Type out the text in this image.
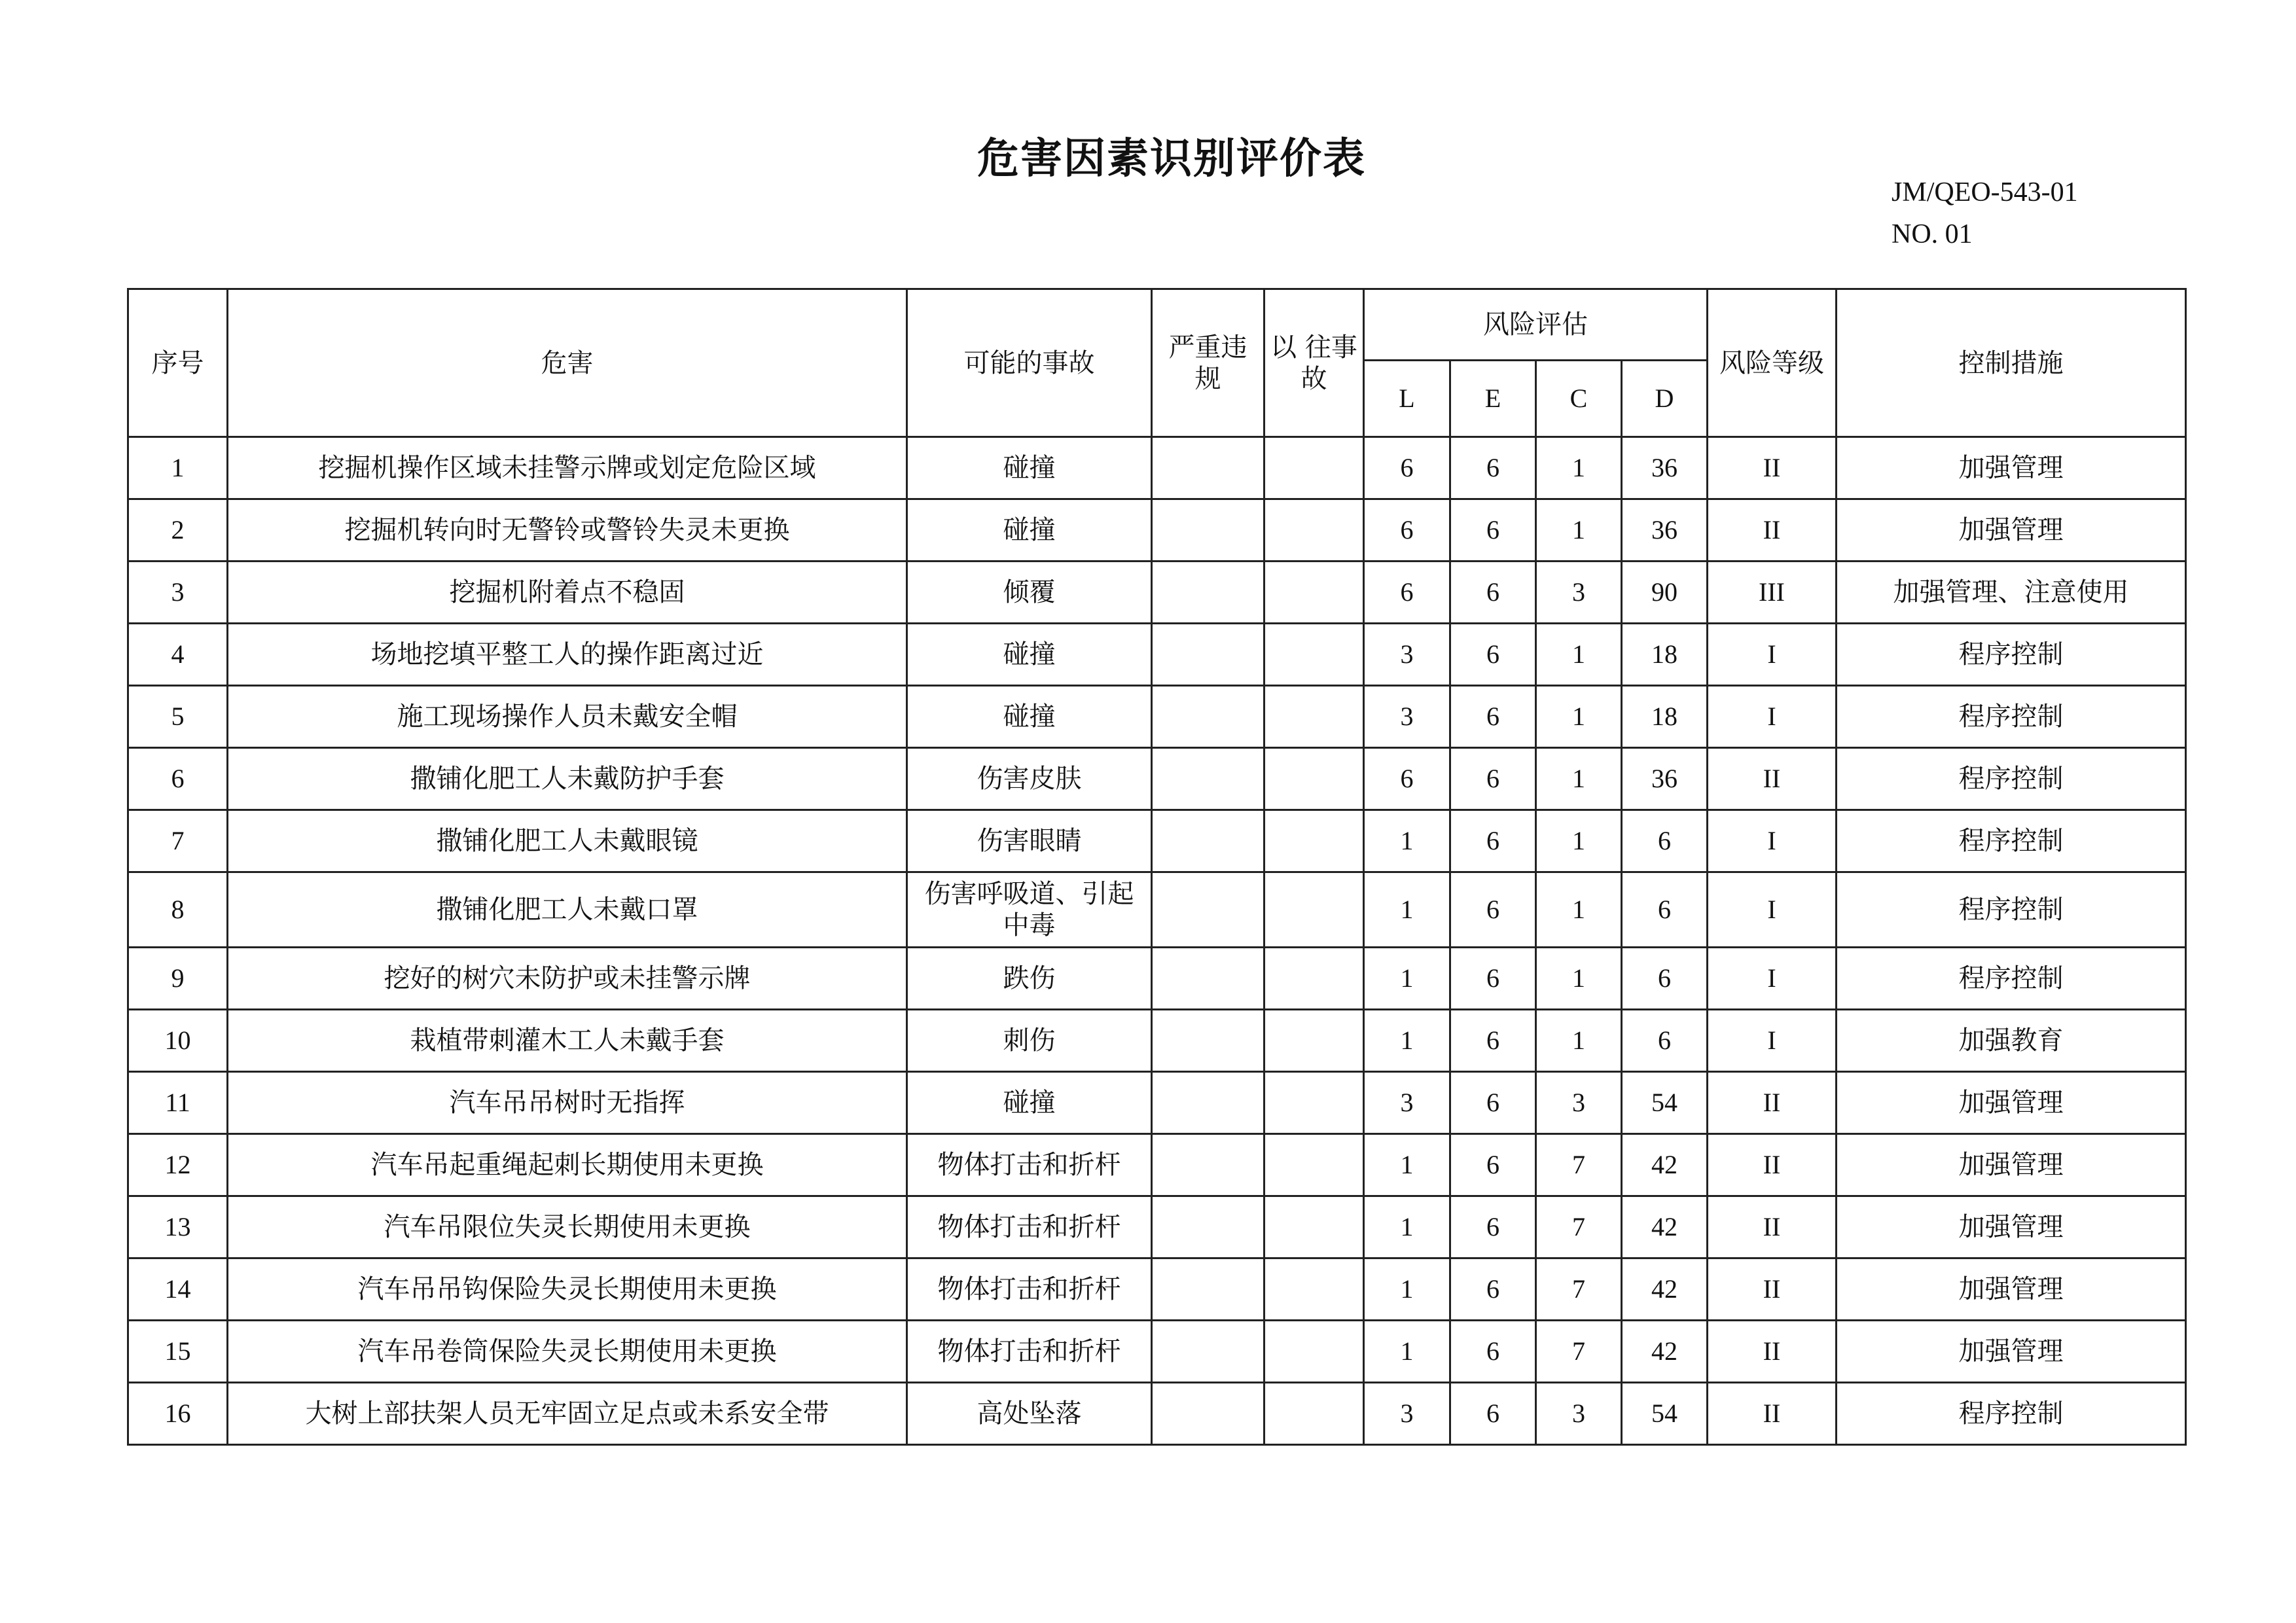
危害因素识别评价表
JM/QEO-543-01
NO. 01
序号	危害	可能的事故	严重违规	以 往事故	风险评估				风险等级	控制措施
					L	E	C	D		
1	挖掘机操作区域未挂警示牌或划定危险区域	碰撞			6	6	1	36	II	加强管理
2	挖掘机转向时无警铃或警铃失灵未更换	碰撞			6	6	1	36	II	加强管理
3	挖掘机附着点不稳固	倾覆			6	6	3	90	III	加强管理、注意使用
4	场地挖填平整工人的操作距离过近	碰撞			3	6	1	18	I	程序控制
5	施工现场操作人员未戴安全帽	碰撞			3	6	1	18	I	程序控制
6	撒铺化肥工人未戴防护手套	伤害皮肤			6	6	1	36	II	程序控制
7	撒铺化肥工人未戴眼镜	伤害眼睛			1	6	1	6	I	程序控制
8	撒铺化肥工人未戴口罩	伤害呼吸道、引起中毒			1	6	1	6	I	程序控制
9	挖好的树穴未防护或未挂警示牌	跌伤			1	6	1	6	I	程序控制
10	栽植带刺灌木工人未戴手套	刺伤			1	6	1	6	I	加强教育
11	汽车吊吊树时无指挥	碰撞			3	6	3	54	II	加强管理
12	汽车吊起重绳起刺长期使用未更换	物体打击和折杆			1	6	7	42	II	加强管理
13	汽车吊限位失灵长期使用未更换	物体打击和折杆			1	6	7	42	II	加强管理
14	汽车吊吊钩保险失灵长期使用未更换	物体打击和折杆			1	6	7	42	II	加强管理
15	汽车吊卷筒保险失灵长期使用未更换	物体打击和折杆			1	6	7	42	II	加强管理
16	大树上部扶架人员无牢固立足点或未系安全带	高处坠落			3	6	3	54	II	程序控制
